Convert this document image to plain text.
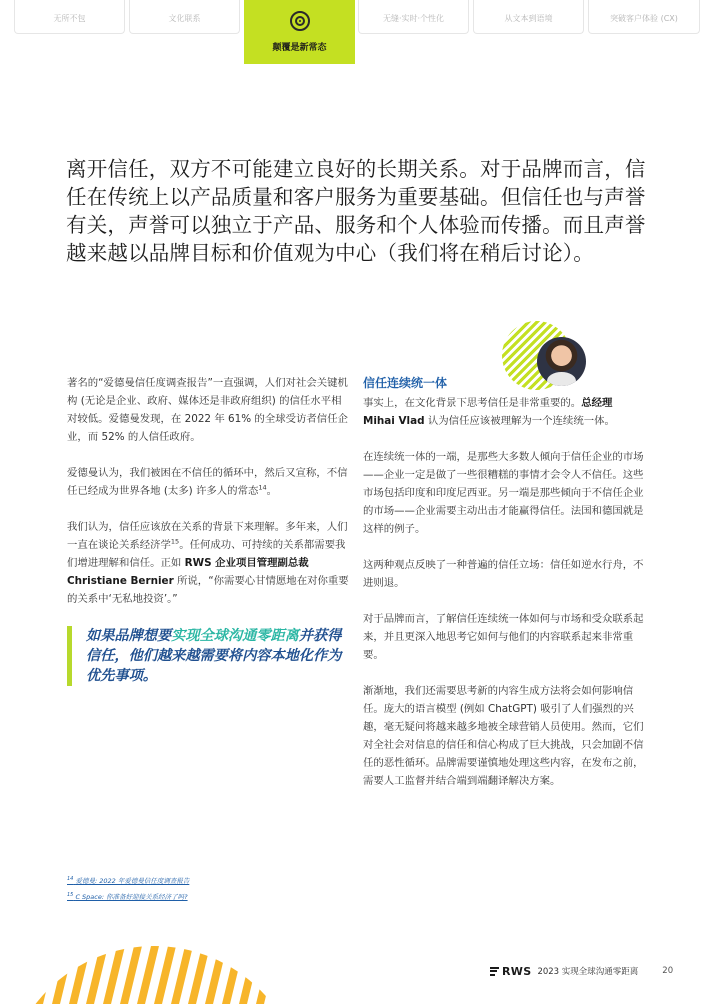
无所不包	文化联系
颠覆是新常态
无缝·实时·个性化	从文本到语境	突破客户体验 (CX)
离开信任，双方不可能建立良好的长期关系。对于品牌而言，信任在传统上以产品质量和客户服务为重要基础。但信任也与声誉有关，声誉可以独立于产品、服务和个人体验而传播。而且声誉越来越以品牌目标和价值观为中心（我们将在稍后讨论）。

著名的“爱德曼信任度调查报告”一直强调，人们对社会关键机构 (无论是企业、政府、媒体还是非政府组织) 的信任水平相对较低。爱德曼发现，在 2022 年 61% 的全球受访者信任企业，而 52% 的人信任政府。

爱德曼认为，我们被困在不信任的循环中，然后又宣称，不信任已经成为世界各地 (太多) 许多人的常态$^{14}$。

我们认为，信任应该放在关系的背景下来理解。多年来，人们一直在谈论关系经济学$^{15}$。任何成功、可持续的关系都需要我们增进理解和信任。正如 RWS 企业项目管理副总裁 Christiane Bernier 所说，“你需要心甘情愿地在对你重要的关系中‘无私地投资’。”

如果品牌想要实现全球沟通零距离并获得信任，他们越来越需要将内容本地化作为优先事项。
信任连续统一体

事实上，在文化背景下思考信任是非常重要的。总经理 Mihai Vlad 认为信任应该被理解为一个连续统一体。

在连续统一体的一端，是那些大多数人倾向于信任企业的市场——企业一定是做了一些很糟糕的事情才会令人不信任。这些市场包括印度和印度尼西亚。另一端是那些倾向于不信任企业的市场——企业需要主动出击才能赢得信任。法国和德国就是这样的例子。

这两种观点反映了一种普遍的信任立场：信任如逆水行舟，不进则退。

对于品牌而言，了解信任连续统一体如何与市场和受众联系起来，并且更深入地思考它如何与他们的内容联系起来非常重要。

渐渐地，我们还需要思考新的内容生成方法将会如何影响信任。庞大的语言模型 (例如 ChatGPT) 吸引了人们强烈的兴趣，毫无疑问将越来越多地被全球营销人员使用。然而，它们对全社会对信息的信任和信心构成了巨大挑战，只会加剧不信任的恶性循环。品牌需要谨慎地处理这些内容，在发布之前，需要人工监督并结合端到端翻译解决方案。

$^{14}$ 爱德曼: 2022 年爱德曼信任度调查报告
$^{15}$ C Space: 你准备好迎接关系经济了吗?
RWS 2023 实现全球沟通零距离	20
